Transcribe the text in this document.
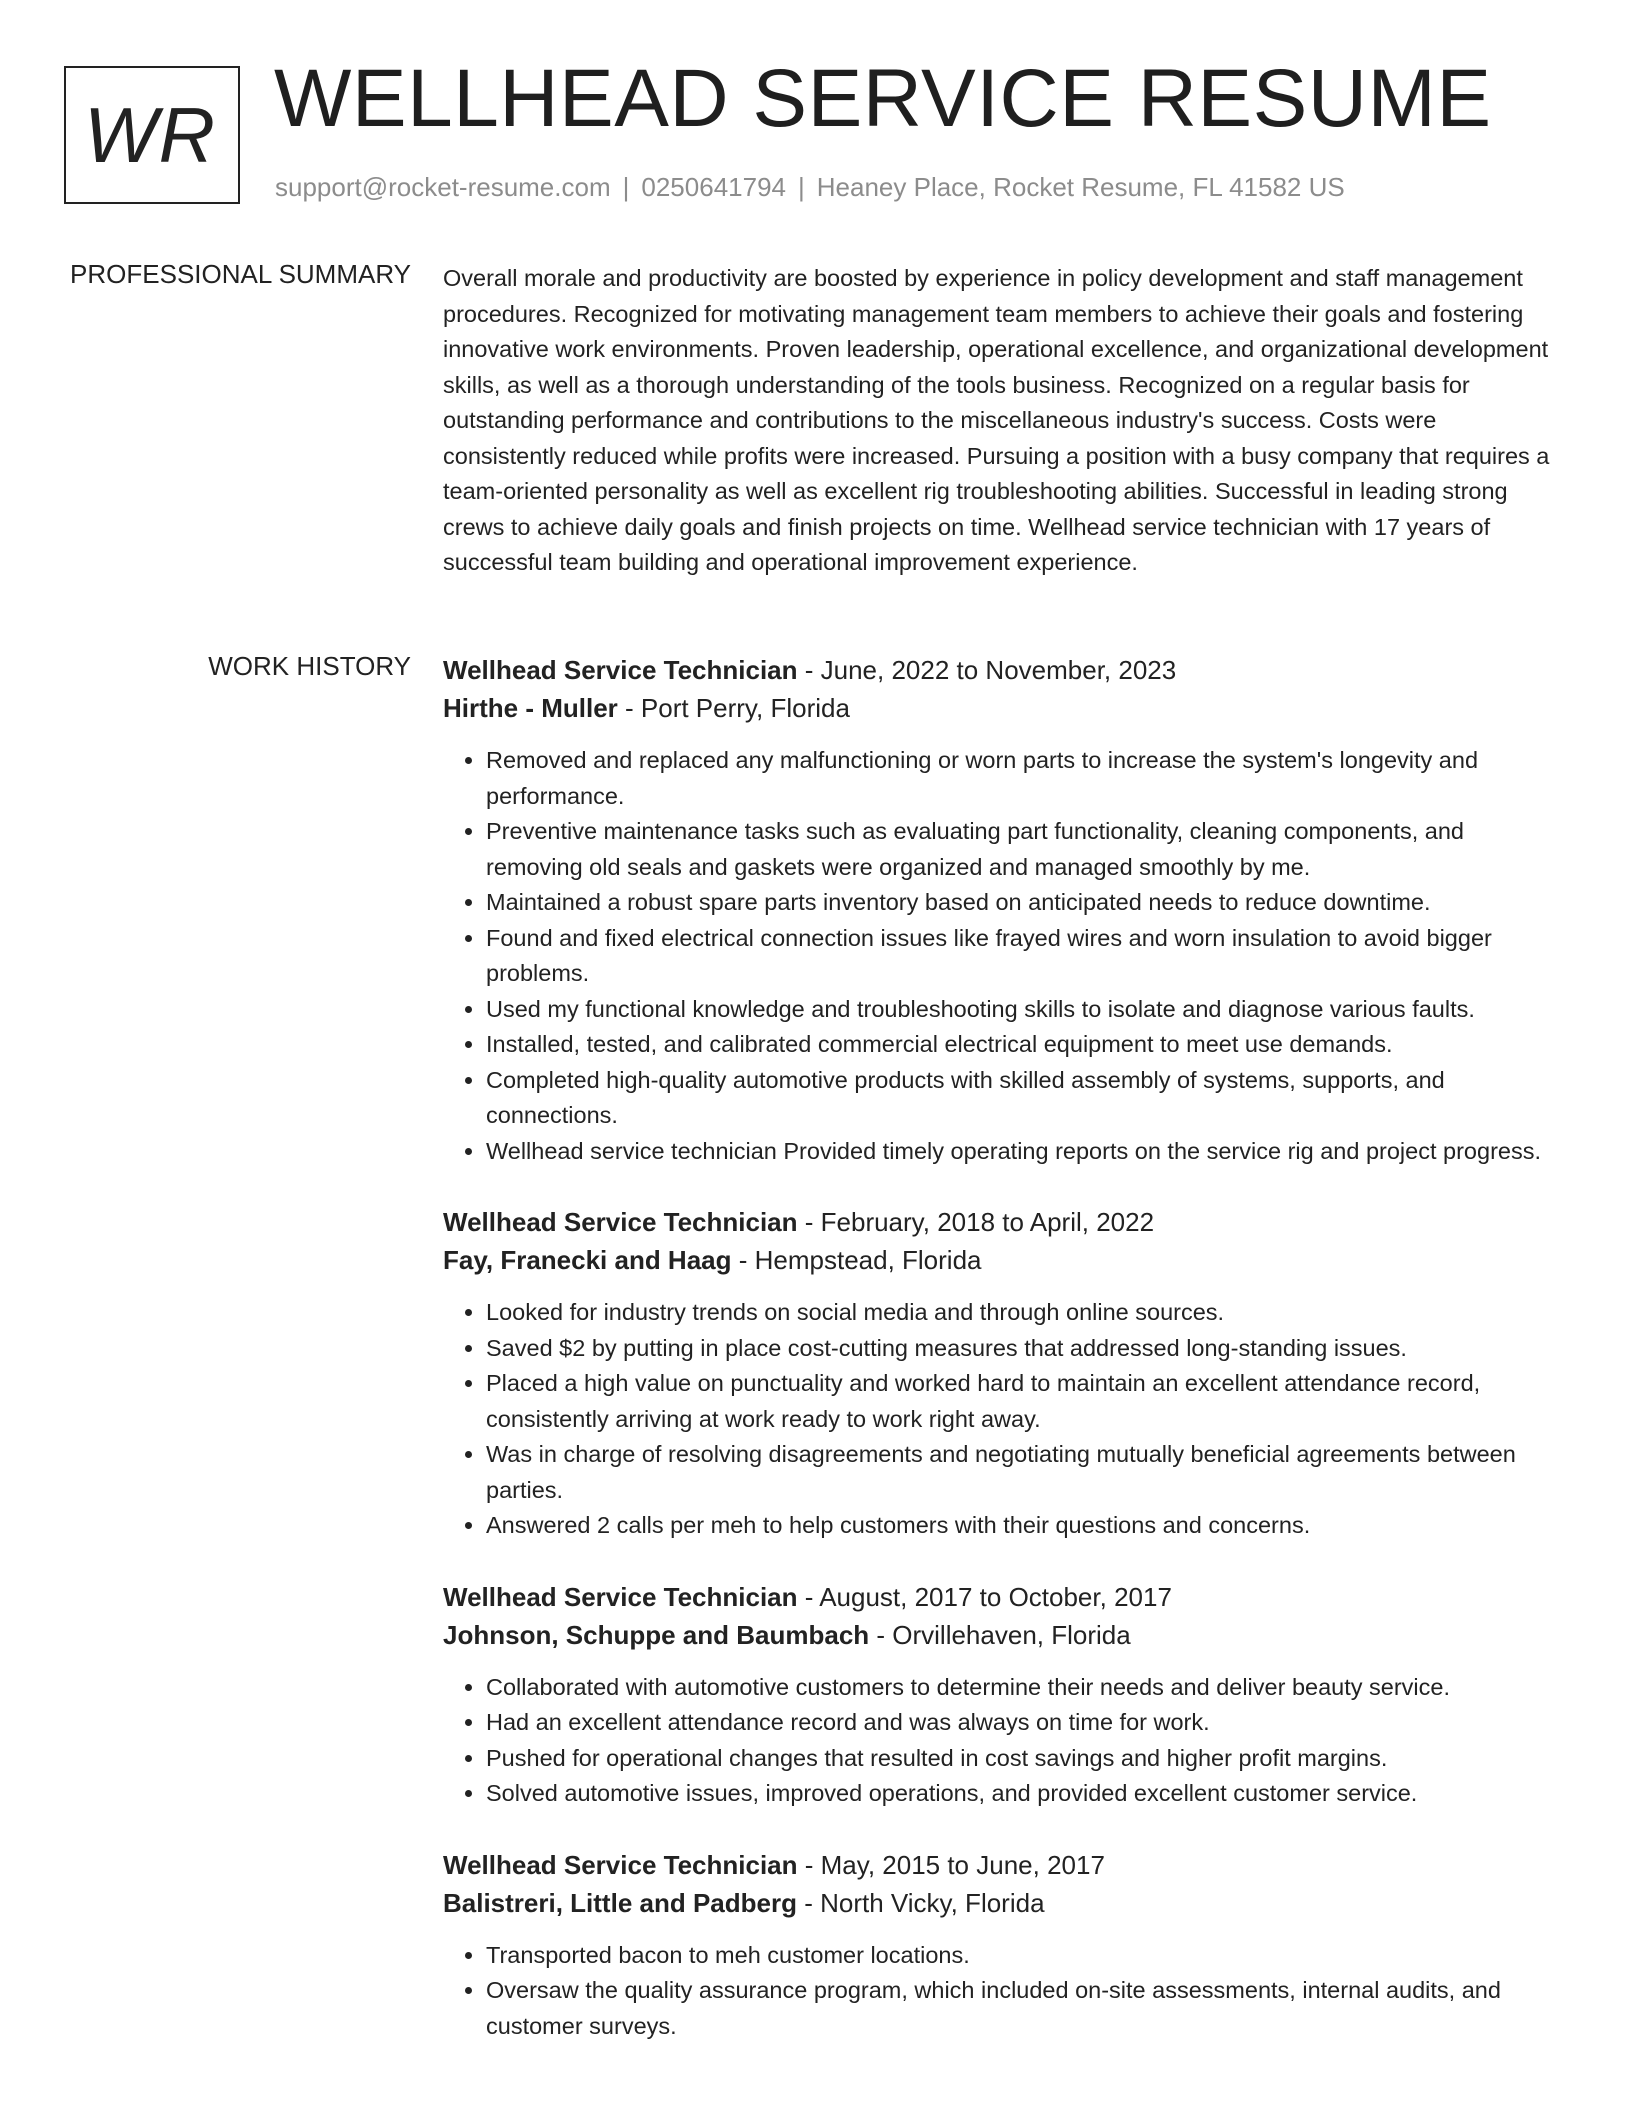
WR WELLHEAD SERVICE RESUME
support@rocket-resume.com | 0250641794 | Heaney Place, Rocket Resume, FL 41582 US
PROFESSIONAL SUMMARY Overall morale and productivity are boosted by experience in policy development and staff management procedures. Recognized for motivating management team members to achieve their goals and fostering innovative work environments. Proven leadership, operational excellence, and organizational development skills, as well as a thorough understanding of the tools business. Recognized on a regular basis for outstanding performance and contributions to the miscellaneous industry's success. Costs were consistently reduced while profits were increased. Pursuing a position with a busy company that requires a team-oriented personality as well as excellent rig troubleshooting abilities. Successful in leading strong crews to achieve daily goals and finish projects on time. Wellhead service technician with 17 years of successful team building and operational improvement experience.

WORK HISTORY Wellhead Service Technician - June, 2022 to November, 2023
Hirthe - Muller - Port Perry, Florida
• Removed and replaced any malfunctioning or worn parts to increase the system's longevity and performance.
• Preventive maintenance tasks such as evaluating part functionality, cleaning components, and removing old seals and gaskets were organized and managed smoothly by me.
• Maintained a robust spare parts inventory based on anticipated needs to reduce downtime.
• Found and fixed electrical connection issues like frayed wires and worn insulation to avoid bigger problems.
• Used my functional knowledge and troubleshooting skills to isolate and diagnose various faults.
• Installed, tested, and calibrated commercial electrical equipment to meet use demands.
• Completed high-quality automotive products with skilled assembly of systems, supports, and connections.
• Wellhead service technician Provided timely operating reports on the service rig and project progress.
Wellhead Service Technician - February, 2018 to April, 2022
Fay, Franecki and Haag - Hempstead, Florida
• Looked for industry trends on social media and through online sources.
• Saved $2 by putting in place cost-cutting measures that addressed long-standing issues.
• Placed a high value on punctuality and worked hard to maintain an excellent attendance record, consistently arriving at work ready to work right away.
• Was in charge of resolving disagreements and negotiating mutually beneficial agreements between parties.
• Answered 2 calls per meh to help customers with their questions and concerns.
Wellhead Service Technician - August, 2017 to October, 2017
Johnson, Schuppe and Baumbach - Orvillehaven, Florida
• Collaborated with automotive customers to determine their needs and deliver beauty service.
• Had an excellent attendance record and was always on time for work.
• Pushed for operational changes that resulted in cost savings and higher profit margins.
• Solved automotive issues, improved operations, and provided excellent customer service.
Wellhead Service Technician - May, 2015 to June, 2017
Balistreri, Little and Padberg - North Vicky, Florida
• Transported bacon to meh customer locations.
• Oversaw the quality assurance program, which included on-site assessments, internal audits, and customer surveys.
